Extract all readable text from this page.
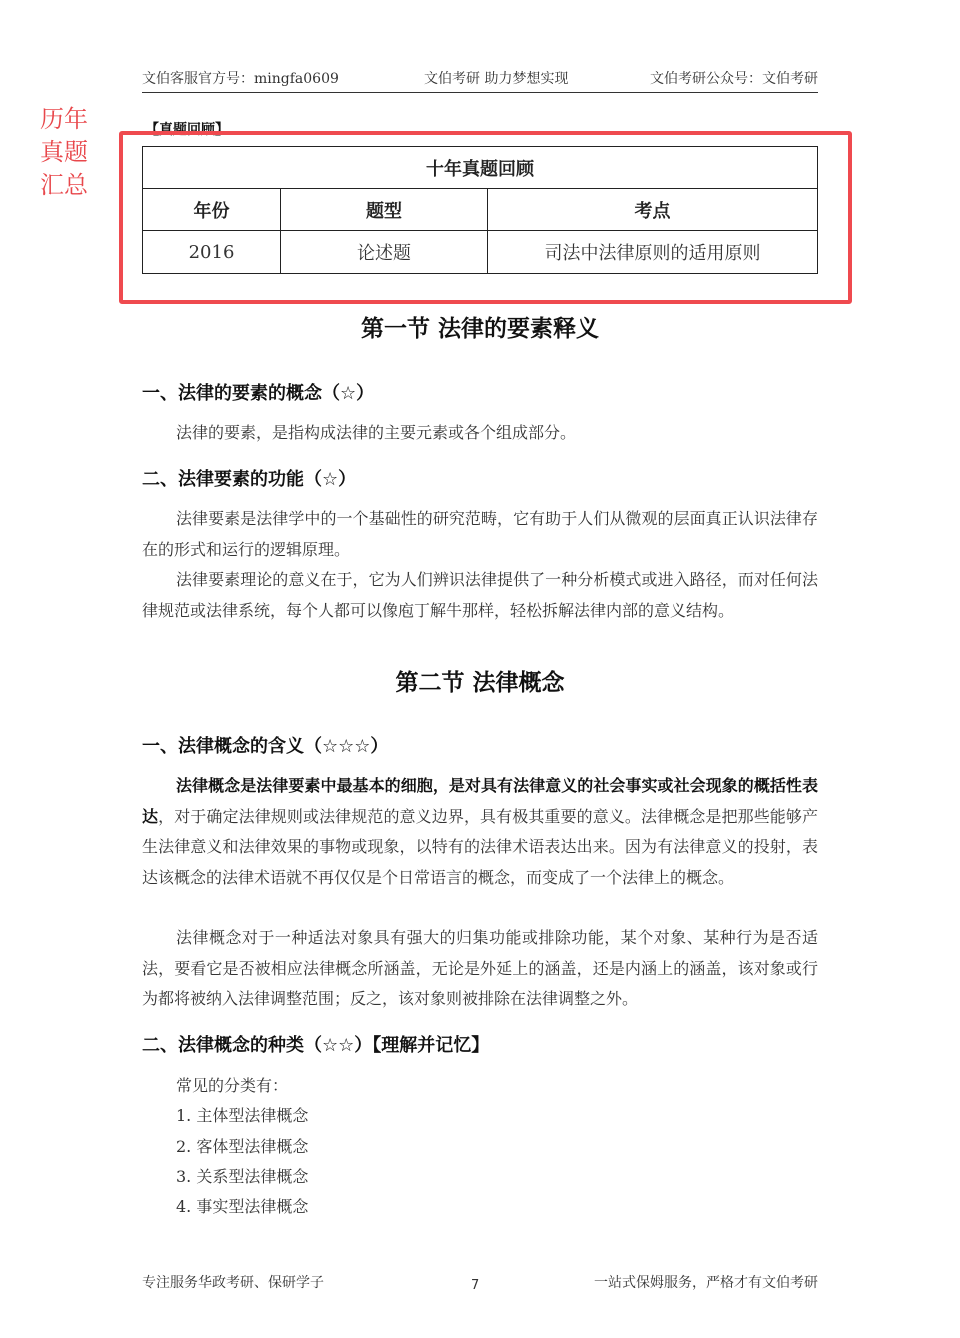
文伯客服官方号：mingfa0609	文伯考研 助力梦想实现	文伯考研公众号：文伯考研
历年
真题
汇总
【真题回顾】
十年真题回顾		
年份	题型	考点
2016	论述题	司法中法律原则的适用原则
第一节 法律的要素释义
一、法律的要素的概念（☆）
法律的要素，是指构成法律的主要元素或各个组成部分。
二、法律要素的功能（☆）
法律要素是法律学中的一个基础性的研究范畴，它有助于人们从微观的层面真正认识法律存在的形式和运行的逻辑原理。
法律要素理论的意义在于，它为人们辨识法律提供了一种分析模式或进入路径，而对任何法律规范或法律系统，每个人都可以像庖丁解牛那样，轻松拆解法律内部的意义结构。
第二节 法律概念
一、法律概念的含义（☆☆☆）
法律概念是法律要素中最基本的细胞，是对具有法律意义的社会事实或社会现象的概括性表达，对于确定法律规则或法律规范的意义边界，具有极其重要的意义。法律概念是把那些能够产生法律意义和法律效果的事物或现象，以特有的法律术语表达出来。因为有法律意义的投射，表达该概念的法律术语就不再仅仅是个日常语言的概念，而变成了一个法律上的概念。
法律概念对于一种适法对象具有强大的归集功能或排除功能，某个对象、某种行为是否适法，要看它是否被相应法律概念所涵盖，无论是外延上的涵盖，还是内涵上的涵盖，该对象或行为都将被纳入法律调整范围；反之，该对象则被排除在法律调整之外。
二、法律概念的种类（☆☆）【理解并记忆】
常见的分类有：
1. 主体型法律概念
2. 客体型法律概念
3. 关系型法律概念
4. 事实型法律概念
专注服务华政考研、保研学子	7	一站式保姆服务，严格才有文伯考研
